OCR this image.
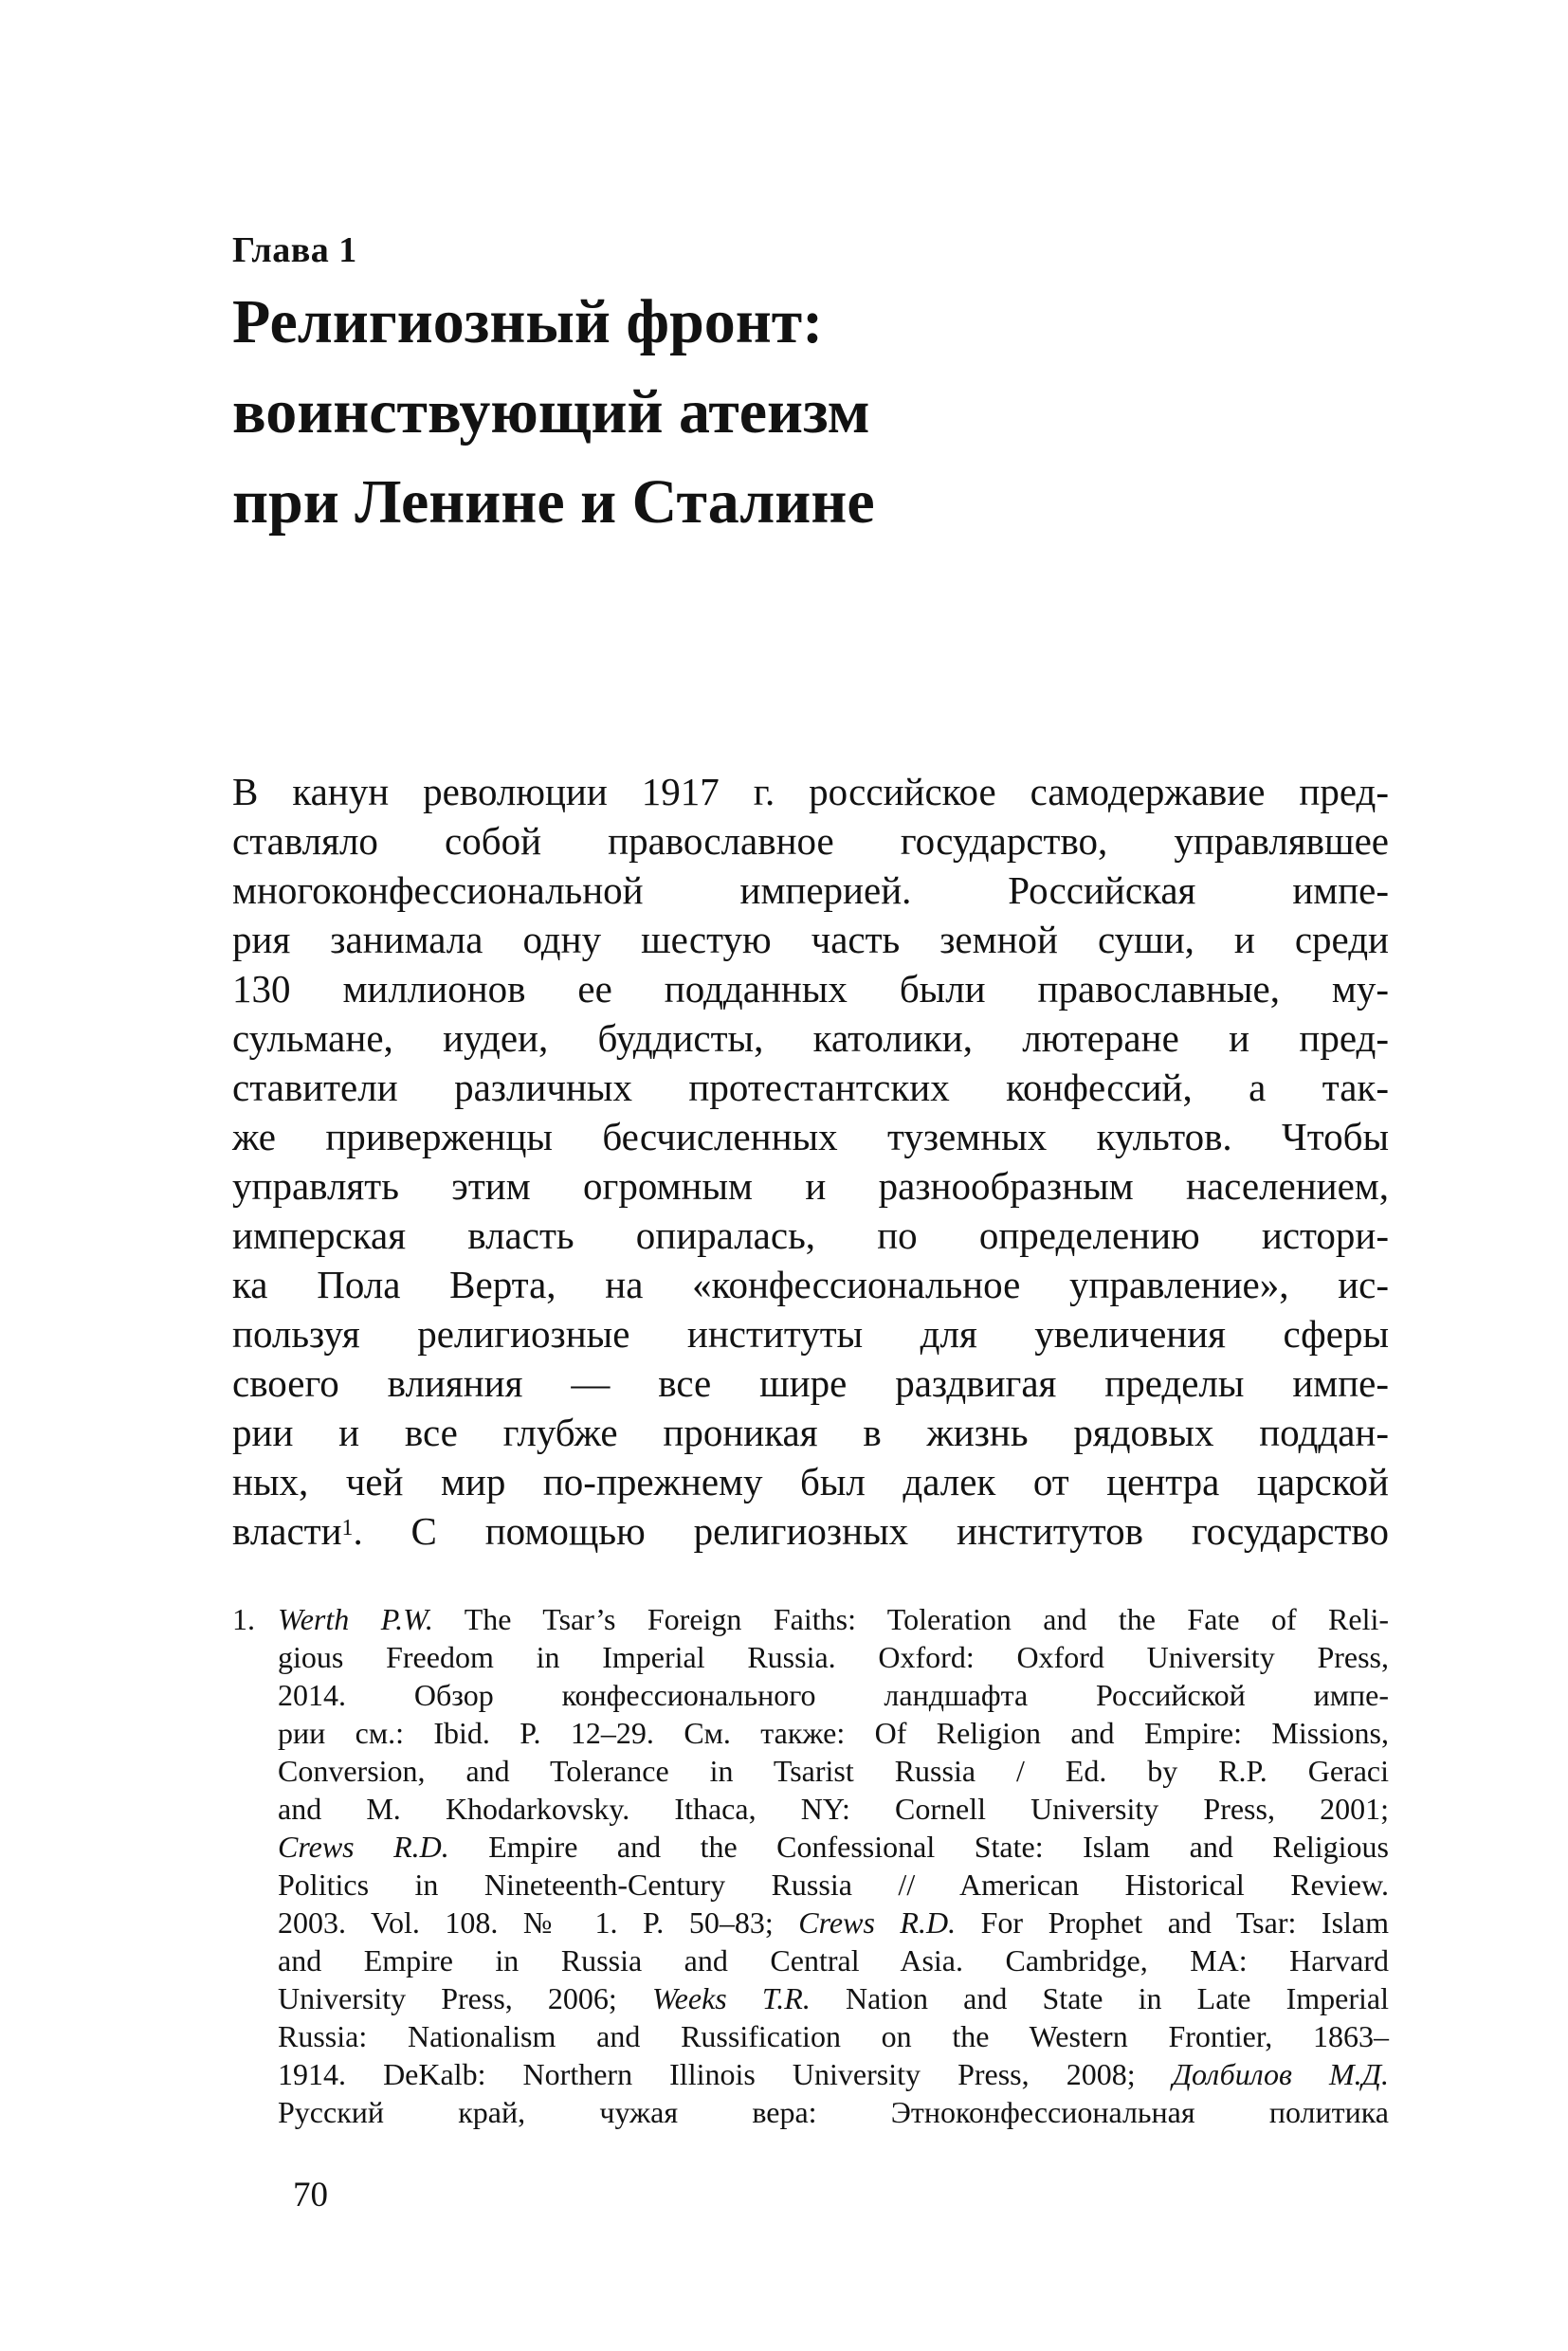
Глава 1
Религиозный фронт:
воинствующий атеизм
при Ленине и Сталине
В канун революции 1917 г. российское самодержавие пред-
ставляло собой православное государство, управлявшее
многоконфессиональной империей. Российская импе-
рия занимала одну шестую часть земной суши, и среди
130 миллионов ее подданных были православные, му-
сульмане, иудеи, буддисты, католики, лютеране и пред-
ставители различных протестантских конфессий, а так-
же приверженцы бесчисленных туземных культов. Чтобы
управлять этим огромным и разнообразным населением,
имперская власть опиралась, по определению истори-
ка Пола Верта, на «конфессиональное управление», ис-
пользуя религиозные институты для увеличения сферы
своего влияния — все шире раздвигая пределы импе-
рии и все глубже проникая в жизнь рядовых поддан-
ных, чей мир по-прежнему был далек от центра царской
власти$^1$. С помощью религиозных институтов государство
1. Werth P.W. The Tsar’s Foreign Faiths: Toleration and the Fate of Reli-
gious Freedom in Imperial Russia. Oxford: Oxford University Press,
2014. Обзор конфессионального ландшафта Российской импе-
рии см.: Ibid. P. 12–29. См. также: Of Religion and Empire: Missions,
Conversion, and Tolerance in Tsarist Russia / Ed. by R.P. Geraci
and M. Khodarkovsky. Ithaca, NY: Cornell University Press, 2001;
Crews R.D. Empire and the Confessional State: Islam and Religious
Politics in Nineteenth-Century Russia // American Historical Review.
2003. Vol. 108. № 1. P. 50–83; Crews R.D. For Prophet and Tsar: Islam
and Empire in Russia and Central Asia. Cambridge, MA: Harvard
University Press, 2006; Weeks T.R. Nation and State in Late Imperial
Russia: Nationalism and Russification on the Western Frontier, 1863–
1914. DeKalb: Northern Illinois University Press, 2008; Долбилов М.Д.
Русский край, чужая вера: Этноконфессиональная политика
70
